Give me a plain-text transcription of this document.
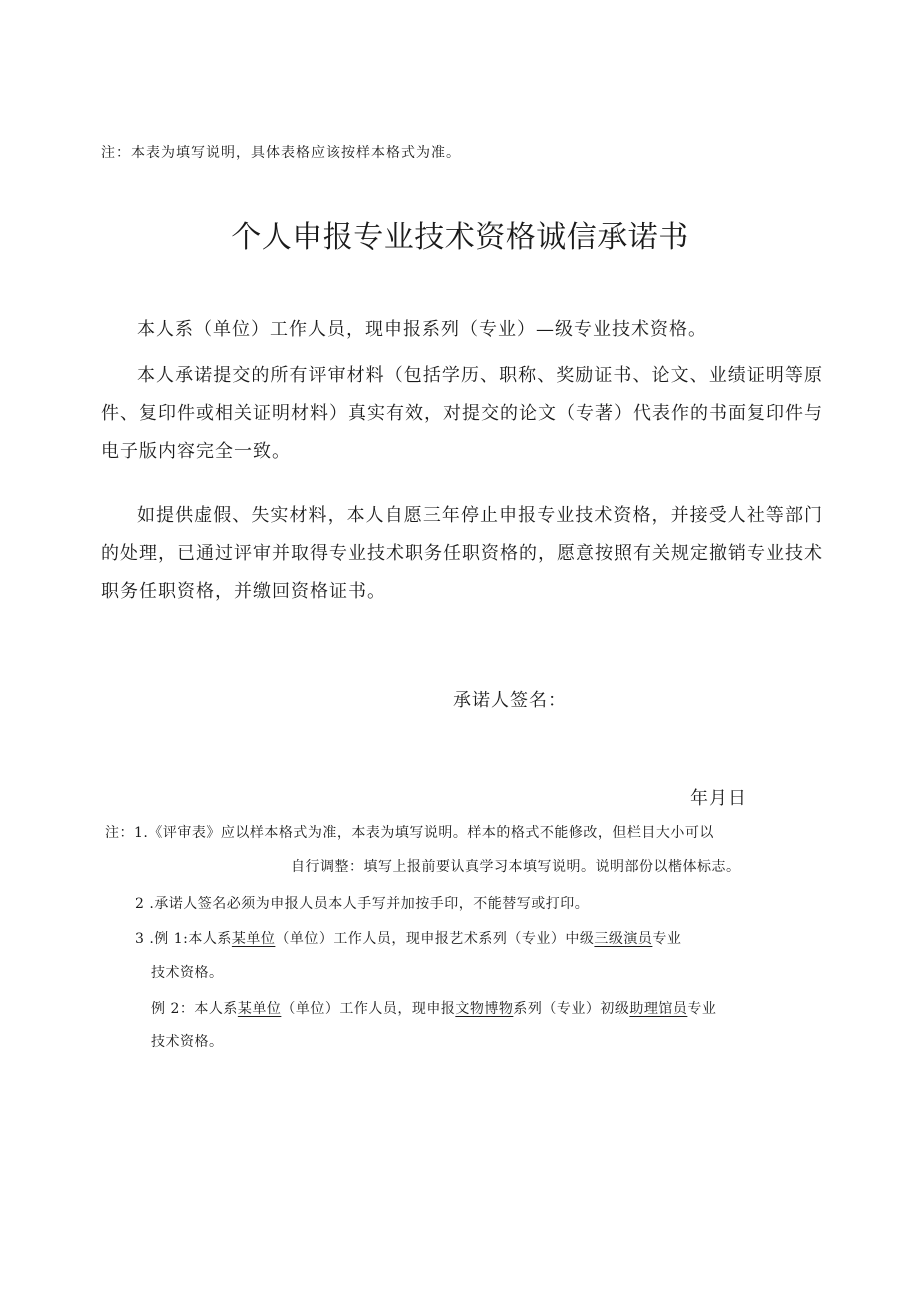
注：本表为填写说明，具体表格应该按样本格式为准。
个人申报专业技术资格诚信承诺书
本人系（单位）工作人员，现申报系列（专业）—级专业技术资格。
本人承诺提交的所有评审材料（包括学历、职称、奖励证书、论文、业绩证明等原件、复印件或相关证明材料）真实有效，对提交的论文（专著）代表作的书面复印件与电子版内容完全一致。
如提供虚假、失实材料，本人自愿三年停止申报专业技术资格，并接受人社等部门的处理，已通过评审并取得专业技术职务任职资格的，愿意按照有关规定撤销专业技术职务任职资格，并缴回资格证书。
承诺人签名：
年月日
注：1.《评审表》应以样本格式为准，本表为填写说明。样本的格式不能修改，但栏目大小可以
自行调整：填写上报前要认真学习本填写说明。说明部份以楷体标志。
2 .承诺人签名必须为申报人员本人手写并加按手印，不能替写或打印。
3 .例 1:本人系某单位（单位）工作人员，现申报艺术系列（专业）中级三级演员专业
技术资格。
例 2：本人系某单位（单位）工作人员，现申报文物博物系列（专业）初级助理馆员专业
技术资格。
